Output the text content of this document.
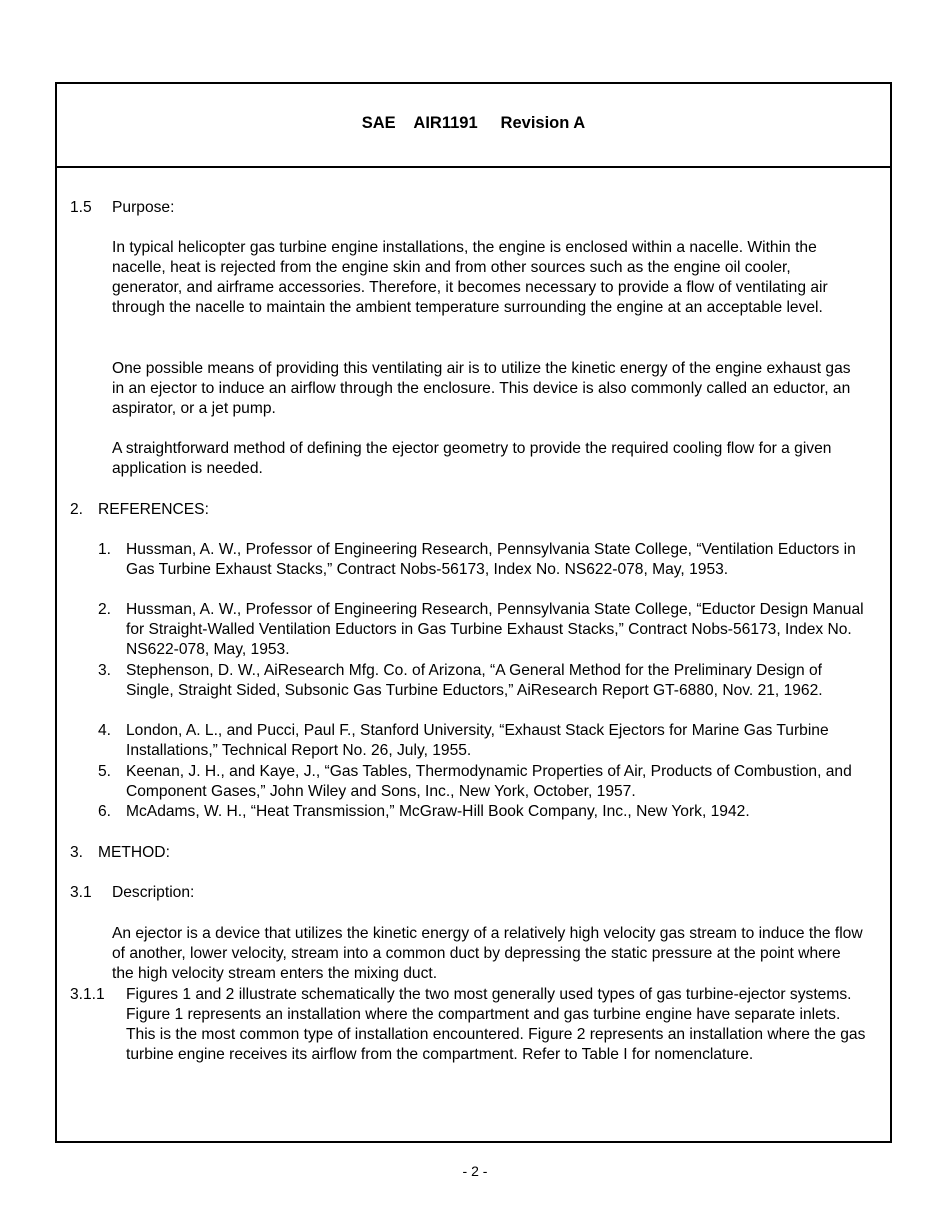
SAE    AIR1191     Revision A
1.5 Purpose:

In typical helicopter gas turbine engine installations, the engine is enclosed within a nacelle. Within the nacelle, heat is rejected from the engine skin and from other sources such as the engine oil cooler, generator, and airframe accessories. Therefore, it becomes necessary to provide a flow of ventilating air through the nacelle to maintain the ambient temperature surrounding the engine at an acceptable level.

One possible means of providing this ventilating air is to utilize the kinetic energy of the engine exhaust gas in an ejector to induce an airflow through the enclosure. This device is also commonly called an eductor, an aspirator, or a jet pump.

A straightforward method of defining the ejector geometry to provide the required cooling flow for a given application is needed.

2. REFERENCES:
1. Hussman, A. W., Professor of Engineering Research, Pennsylvania State College, “Ventilation Eductors in Gas Turbine Exhaust Stacks,” Contract Nobs-56173, Index No. NS622-078, May, 1953.

2. Hussman, A. W., Professor of Engineering Research, Pennsylvania State College, “Eductor Design Manual for Straight-Walled Ventilation Eductors in Gas Turbine Exhaust Stacks,” Contract Nobs-56173, Index No. NS622-078, May, 1953.

3. Stephenson, D. W., AiResearch Mfg. Co. of Arizona, “A General Method for the Preliminary Design of Single, Straight Sided, Subsonic Gas Turbine Eductors,” AiResearch Report GT-6880, Nov. 21, 1962.

4. London, A. L., and Pucci, Paul F., Stanford University, “Exhaust Stack Ejectors for Marine Gas Turbine Installations,” Technical Report No. 26, July, 1955.

5. Keenan, J. H., and Kaye, J., “Gas Tables, Thermodynamic Properties of Air, Products of Combustion, and Component Gases,” John Wiley and Sons, Inc., New York, October, 1957.

6. McAdams, W. H., “Heat Transmission,” McGraw-Hill Book Company, Inc., New York, 1942.

3. METHOD:
3.1 Description:

An ejector is a device that utilizes the kinetic energy of a relatively high velocity gas stream to induce the flow of another, lower velocity, stream into a common duct by depressing the static pressure at the point where the high velocity stream enters the mixing duct.

3.1.1 Figures 1 and 2 illustrate schematically the two most generally used types of gas turbine-ejector systems. Figure 1 represents an installation where the compartment and gas turbine engine have separate inlets. This is the most common type of installation encountered. Figure 2 represents an installation where the gas turbine engine receives its airflow from the compartment. Refer to Table I for nomenclature.

- 2 -
